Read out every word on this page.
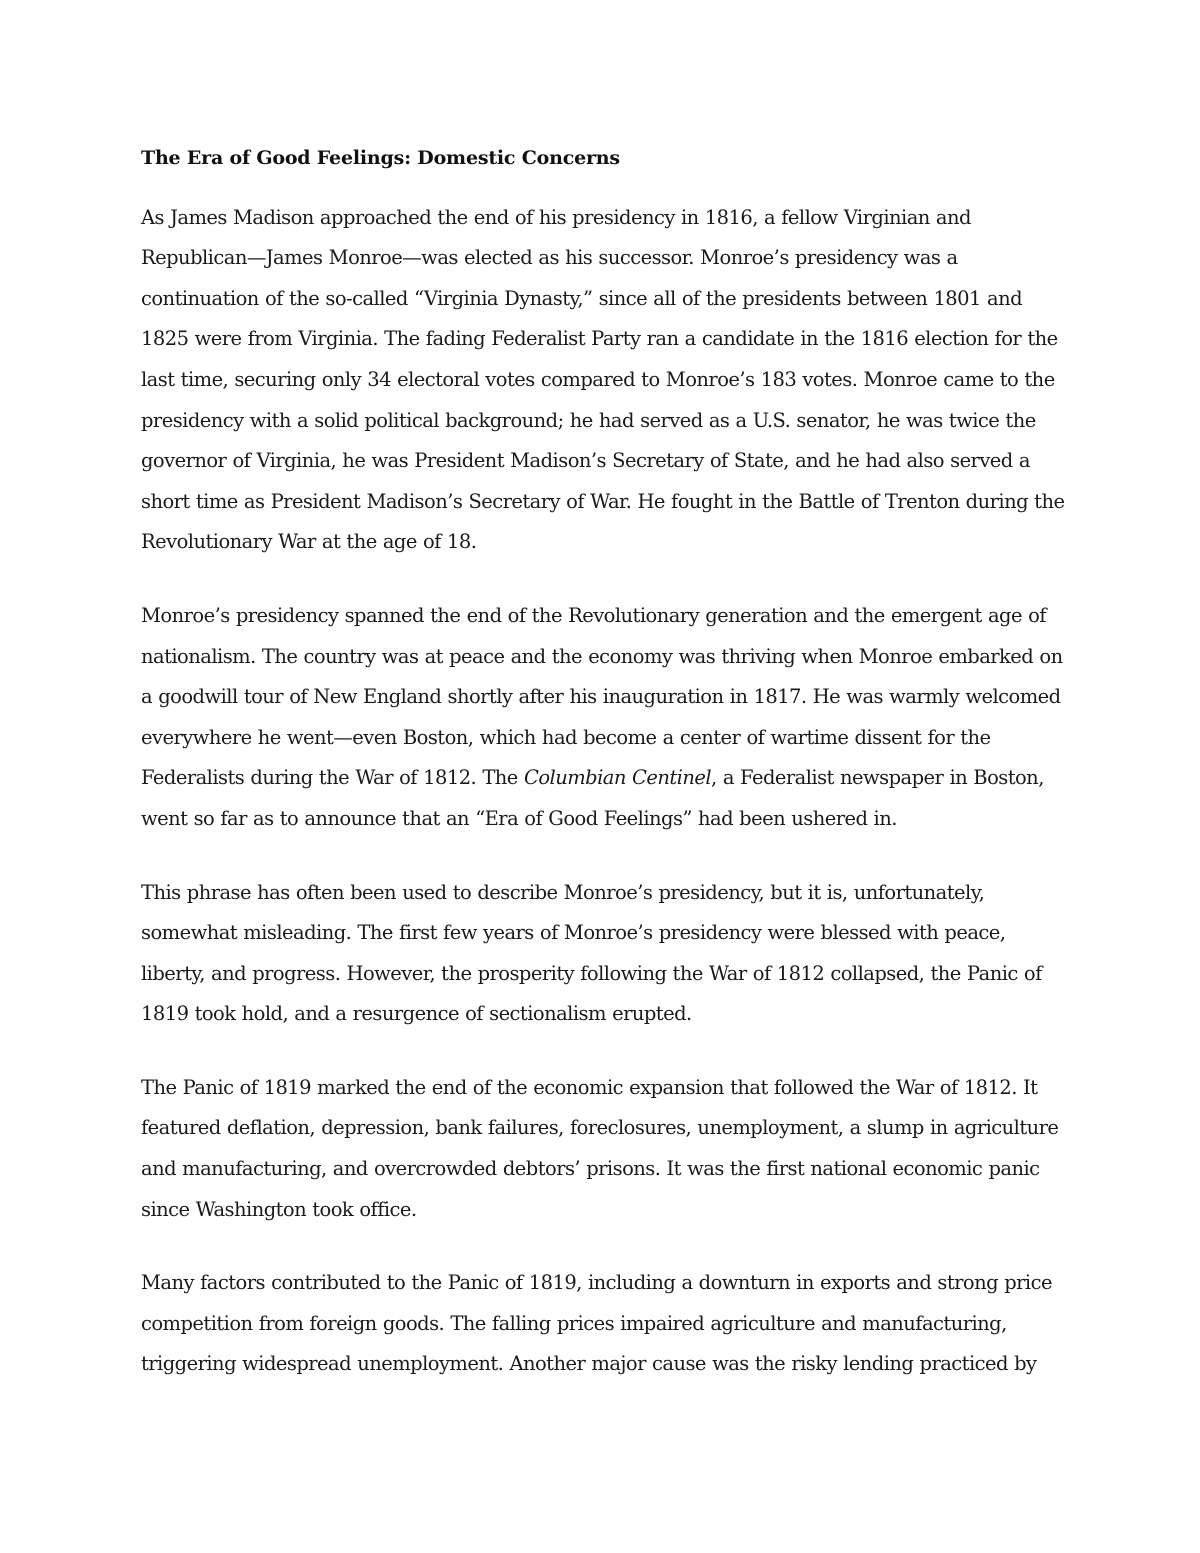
The Era of Good Feelings: Domestic Concerns

As James Madison approached the end of his presidency in 1816, a fellow Virginian and Republican—James Monroe—was elected as his successor. Monroe’s presidency was a continuation of the so-called “Virginia Dynasty,” since all of the presidents between 1801 and 1825 were from Virginia. The fading Federalist Party ran a candidate in the 1816 election for the last time, securing only 34 electoral votes compared to Monroe’s 183 votes. Monroe came to the presidency with a solid political background; he had served as a U.S. senator, he was twice the governor of Virginia, he was President Madison’s Secretary of State, and he had also served a short time as President Madison’s Secretary of War. He fought in the Battle of Trenton during the Revolutionary War at the age of 18.

Monroe’s presidency spanned the end of the Revolutionary generation and the emergent age of nationalism. The country was at peace and the economy was thriving when Monroe embarked on a goodwill tour of New England shortly after his inauguration in 1817. He was warmly welcomed everywhere he went—even Boston, which had become a center of wartime dissent for the Federalists during the War of 1812. The Columbian Centinel, a Federalist newspaper in Boston, went so far as to announce that an “Era of Good Feelings” had been ushered in.

This phrase has often been used to describe Monroe’s presidency, but it is, unfortunately, somewhat misleading. The first few years of Monroe’s presidency were blessed with peace, liberty, and progress. However, the prosperity following the War of 1812 collapsed, the Panic of 1819 took hold, and a resurgence of sectionalism erupted.

The Panic of 1819 marked the end of the economic expansion that followed the War of 1812. It featured deflation, depression, bank failures, foreclosures, unemployment, a slump in agriculture and manufacturing, and overcrowded debtors’ prisons. It was the first national economic panic since Washington took office.

Many factors contributed to the Panic of 1819, including a downturn in exports and strong price competition from foreign goods. The falling prices impaired agriculture and manufacturing, triggering widespread unemployment. Another major cause was the risky lending practiced by
